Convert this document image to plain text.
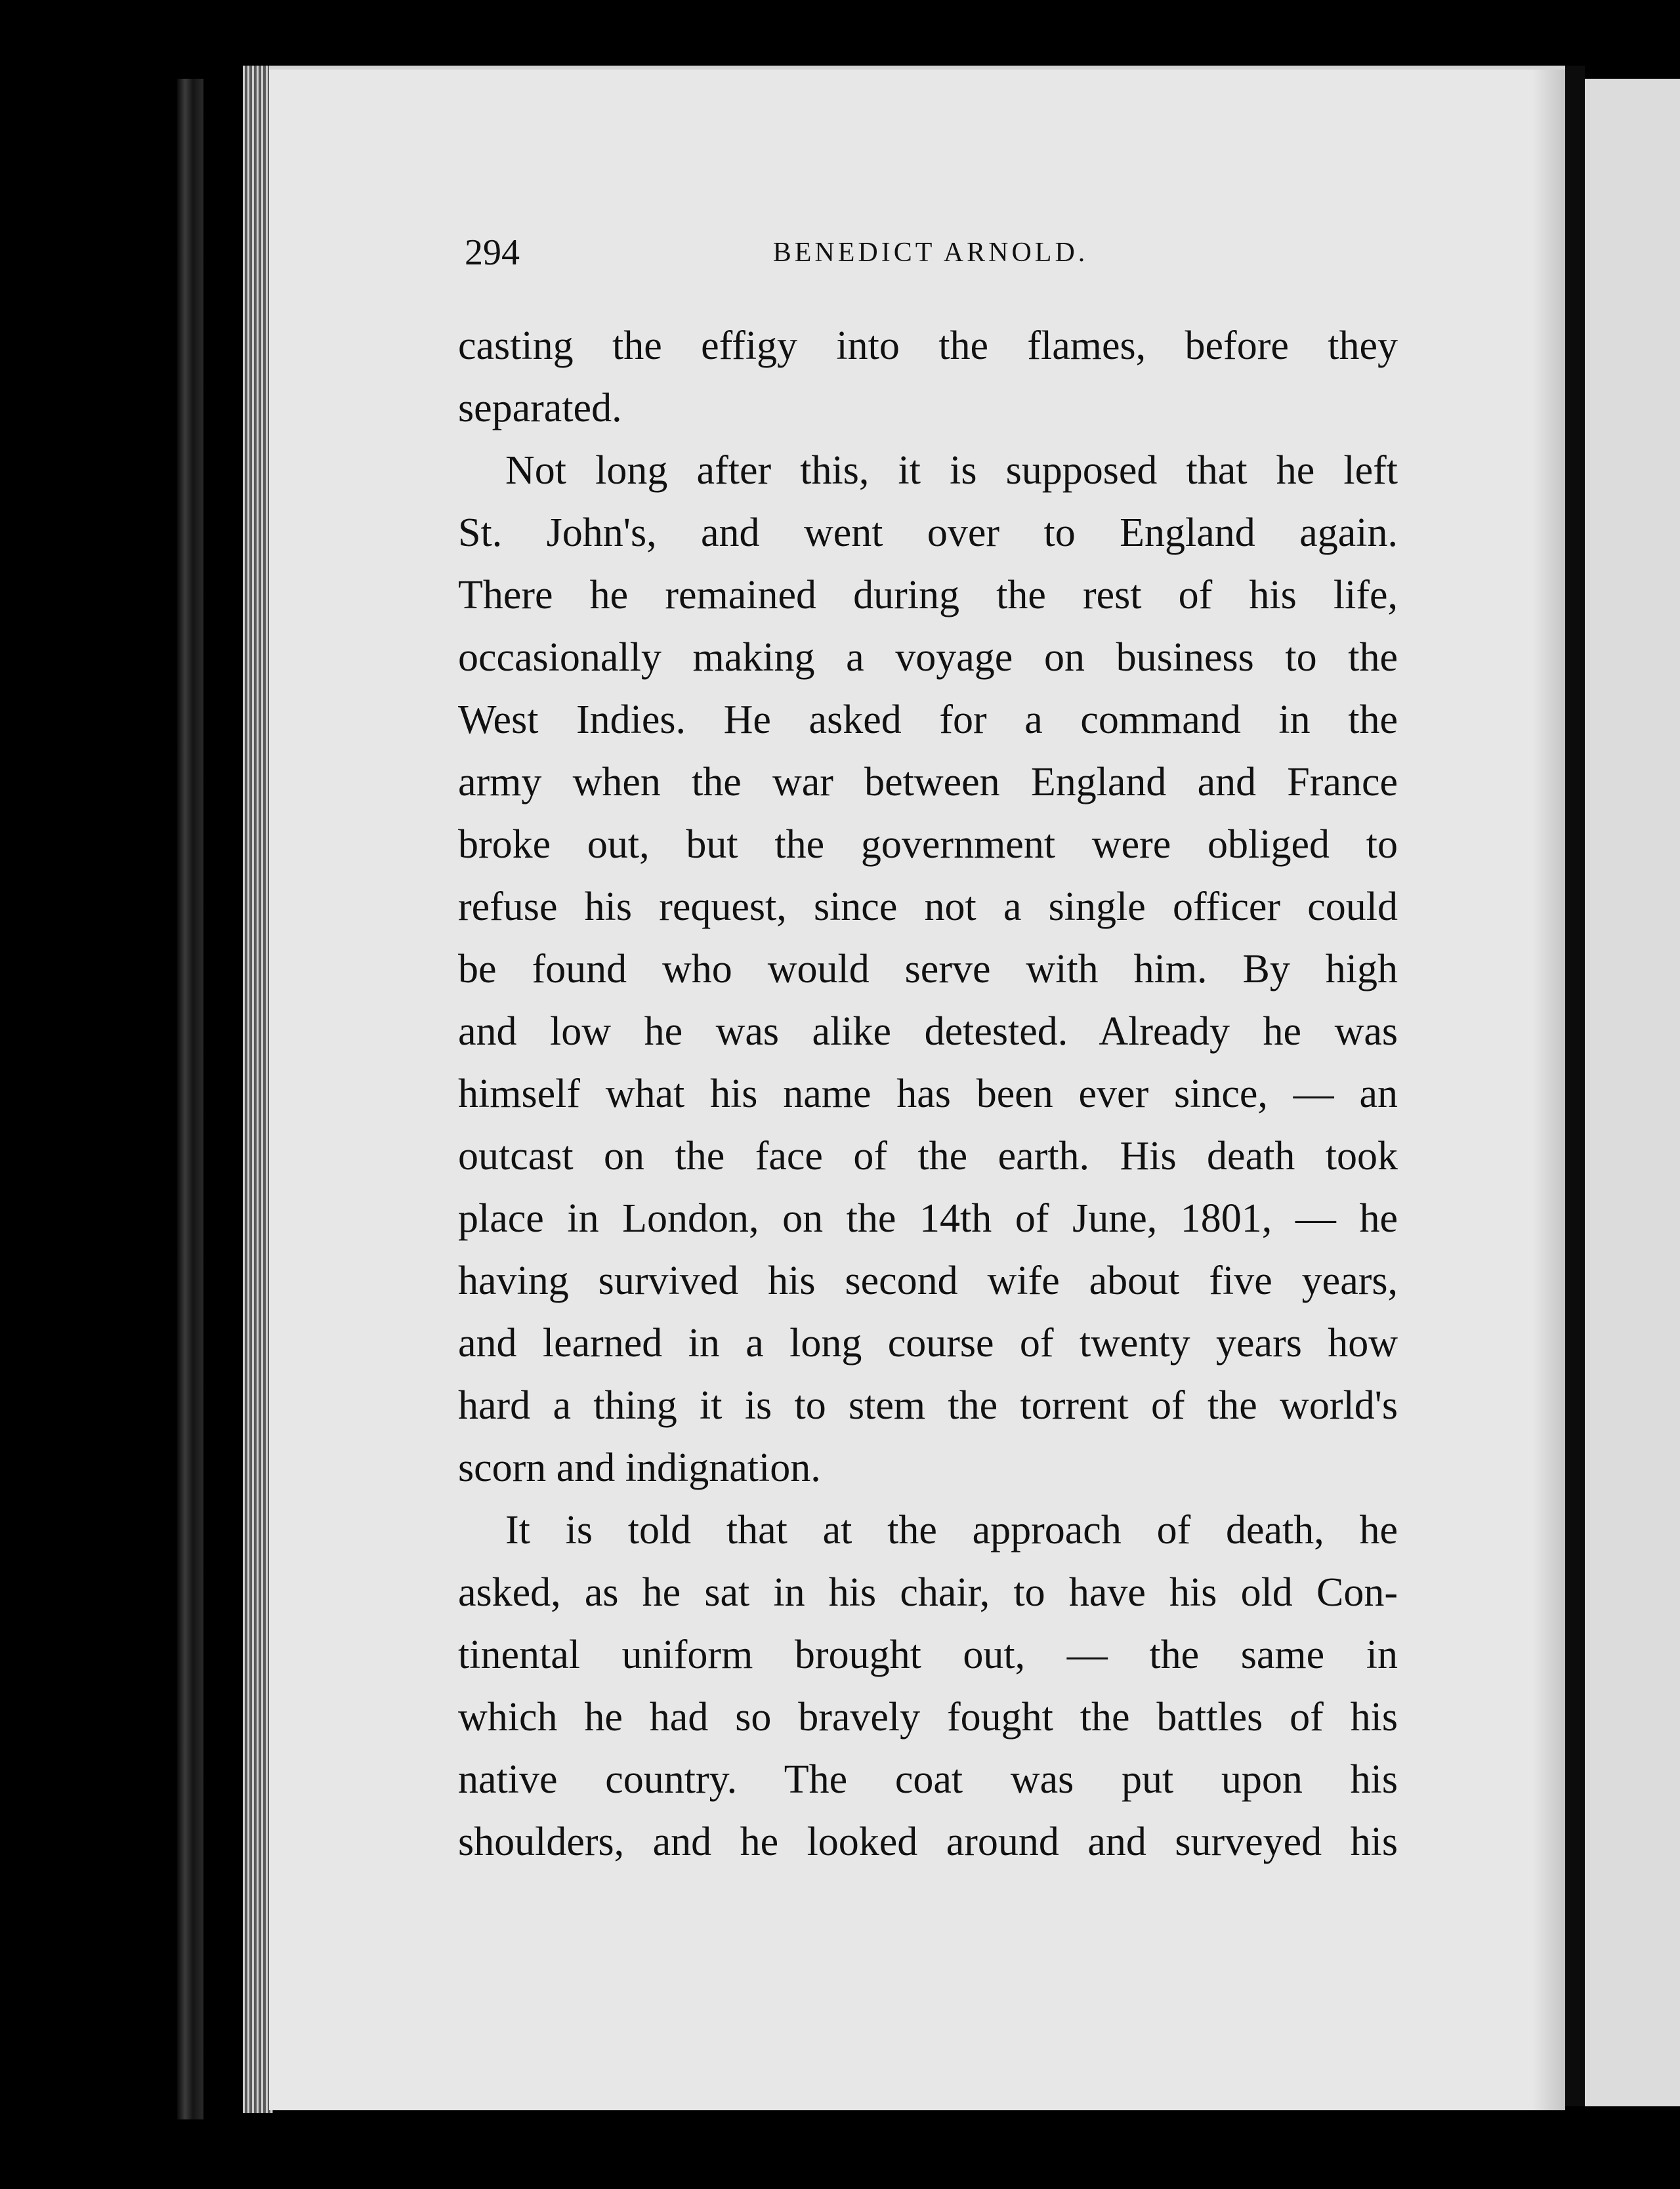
294	BENEDICT ARNOLD.
casting the effigy into the flames, before they
separated.
Not long after this, it is supposed that he left
St. John's, and went over to England again.
There he remained during the rest of his life,
occasionally making a voyage on business to the
West Indies. He asked for a command in the
army when the war between England and France
broke out, but the government were obliged to
refuse his request, since not a single officer could
be found who would serve with him. By high
and low he was alike detested. Already he was
himself what his name has been ever since, — an
outcast on the face of the earth. His death took
place in London, on the 14th of June, 1801, — he
having survived his second wife about five years,
and learned in a long course of twenty years how
hard a thing it is to stem the torrent of the world's
scorn and indignation.
It is told that at the approach of death, he
asked, as he sat in his chair, to have his old Con-
tinental uniform brought out, — the same in
which he had so bravely fought the battles of his
native country. The coat was put upon his
shoulders, and he looked around and surveyed his
